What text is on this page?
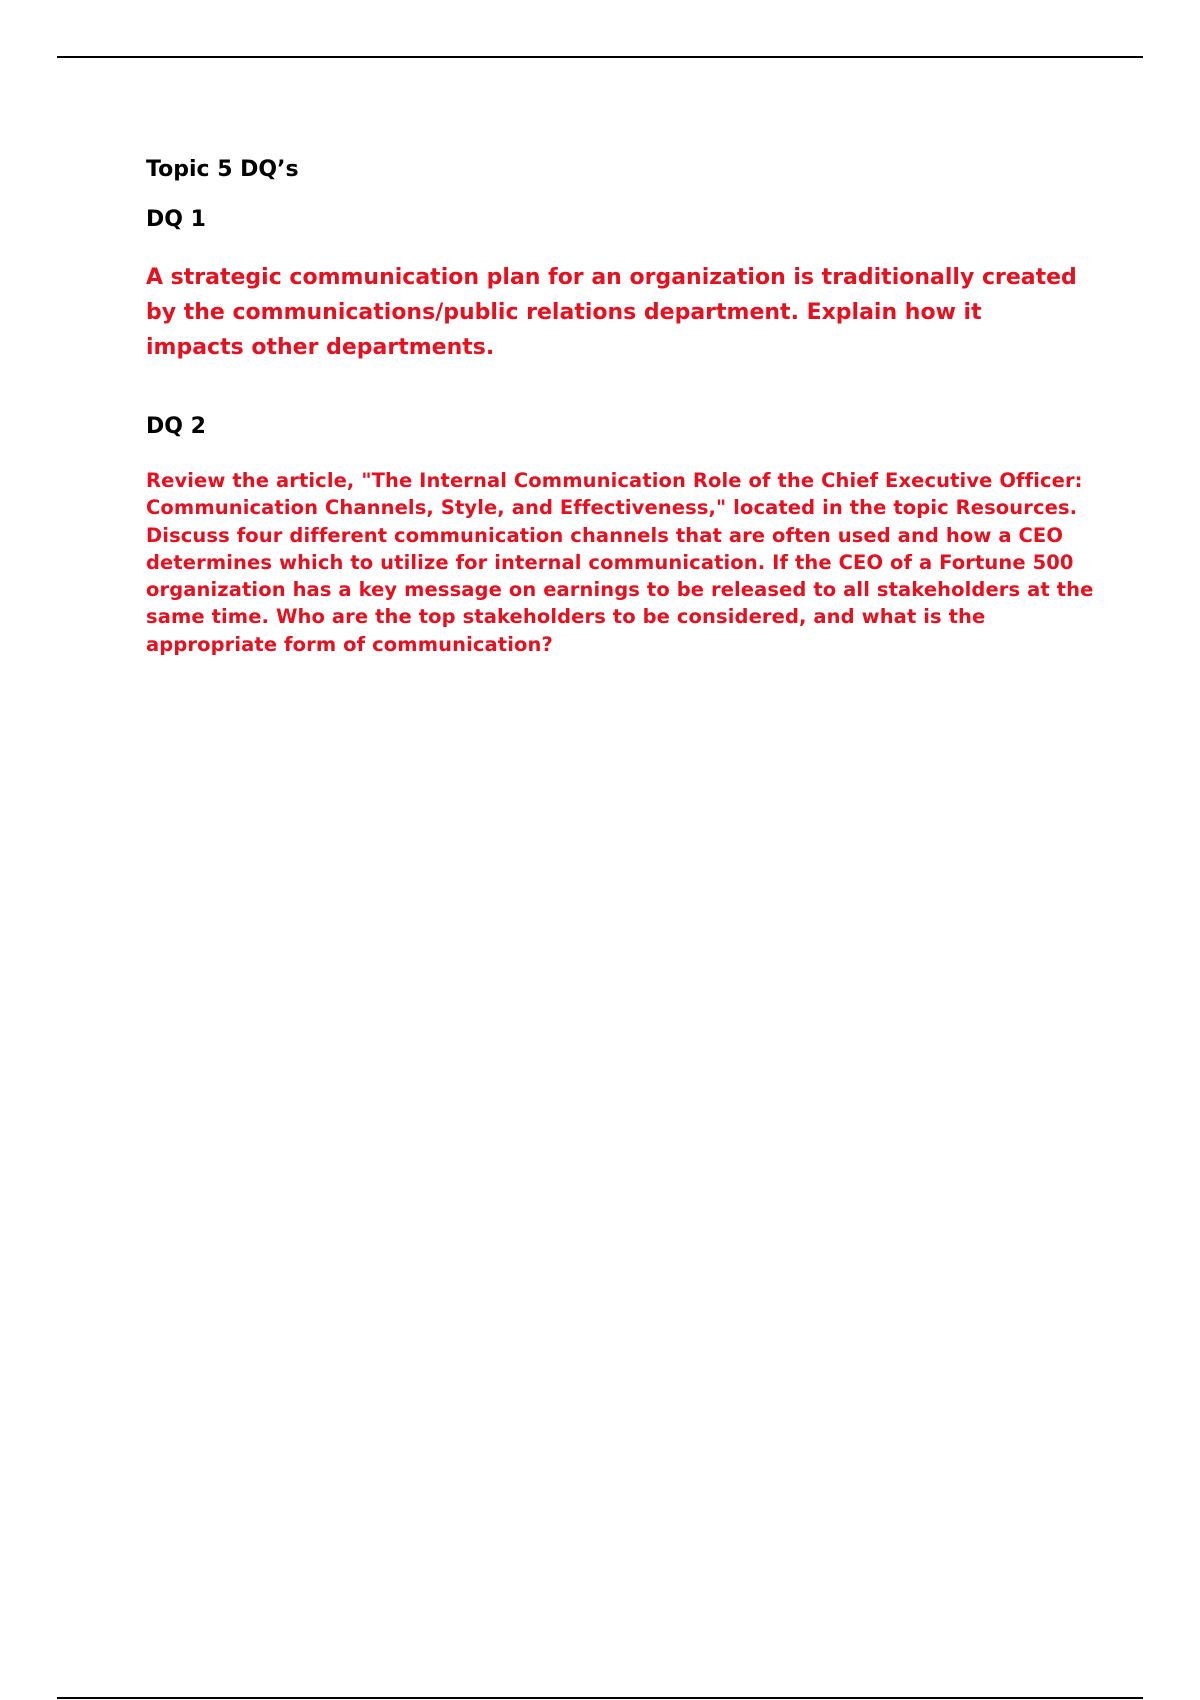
Topic 5 DQ’s

DQ 1

A strategic communication plan for an organization is traditionally created by the communications/public relations department. Explain how it impacts other departments.

DQ 2

Review the article, "The Internal Communication Role of the Chief Executive Officer: Communication Channels, Style, and Effectiveness," located in the topic Resources. Discuss four different communication channels that are often used and how a CEO determines which to utilize for internal communication. If the CEO of a Fortune 500 organization has a key message on earnings to be released to all stakeholders at the same time. Who are the top stakeholders to be considered, and what is the appropriate form of communication?
